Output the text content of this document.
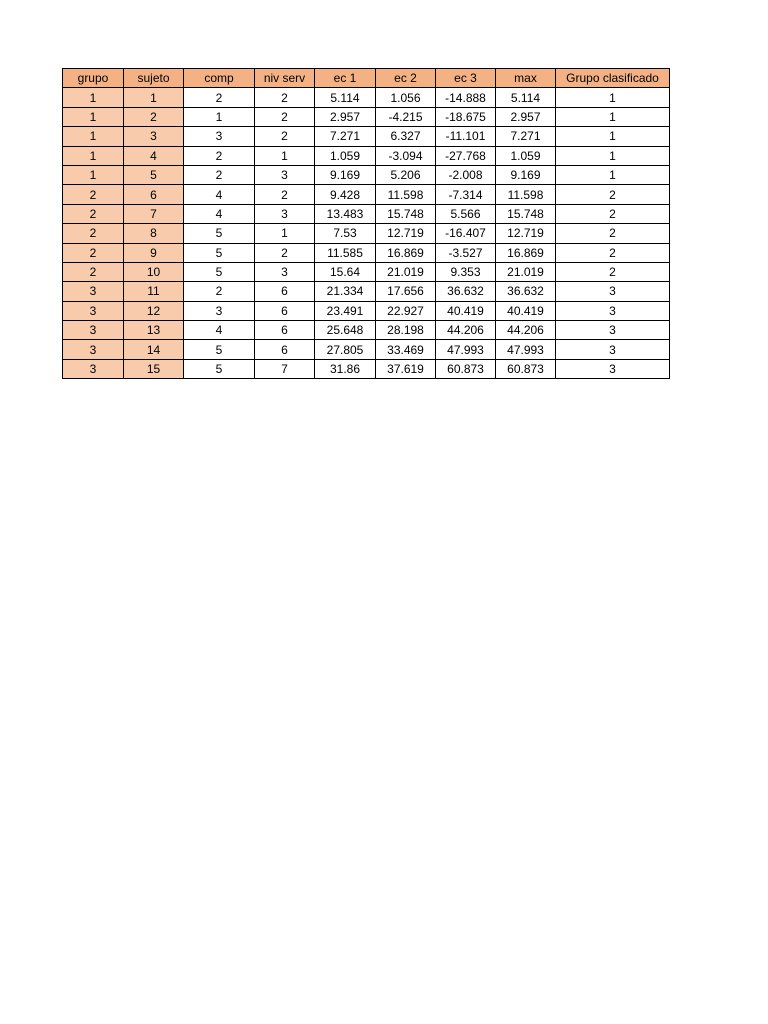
grupo	sujeto	comp	niv serv	ec 1	ec 2	ec 3	max	Grupo clasificado
1	1	2	2	5.114	1.056	-14.888	5.114	1
1	2	1	2	2.957	-4.215	-18.675	2.957	1
1	3	3	2	7.271	6.327	-11.101	7.271	1
1	4	2	1	1.059	-3.094	-27.768	1.059	1
1	5	2	3	9.169	5.206	-2.008	9.169	1
2	6	4	2	9.428	11.598	-7.314	11.598	2
2	7	4	3	13.483	15.748	5.566	15.748	2
2	8	5	1	7.53	12.719	-16.407	12.719	2
2	9	5	2	11.585	16.869	-3.527	16.869	2
2	10	5	3	15.64	21.019	9.353	21.019	2
3	11	2	6	21.334	17.656	36.632	36.632	3
3	12	3	6	23.491	22.927	40.419	40.419	3
3	13	4	6	25.648	28.198	44.206	44.206	3
3	14	5	6	27.805	33.469	47.993	47.993	3
3	15	5	7	31.86	37.619	60.873	60.873	3
